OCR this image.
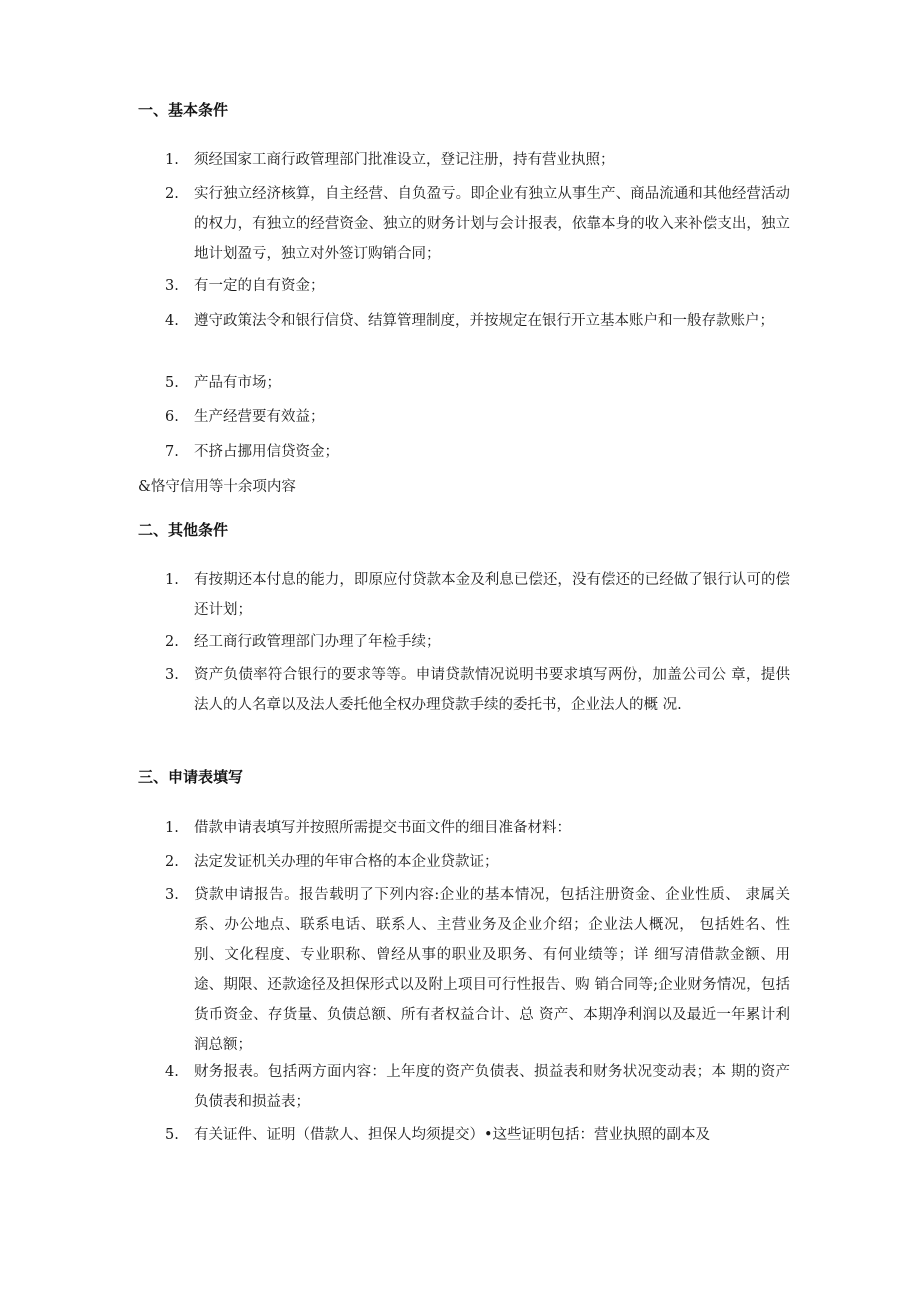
一、基本条件
1.	须经国家工商行政管理部门批准设立，登记注册，持有营业执照；
2.	实行独立经济核算，自主经营、自负盈亏。即企业有独立从事生产、商品流通和其他经营活动的权力，有独立的经营资金、独立的财务计划与会计报表，依靠本身的收入来补偿支出，独立地计划盈亏，独立对外签订购销合同；
3.	有一定的自有资金；
4.	遵守政策法令和银行信贷、结算管理制度，并按规定在银行开立基本账户和一般存款账户；
5.	产品有市场；
6.	生产经营要有效益；
7.	不挤占挪用信贷资金；
&恪守信用等十余项内容
二、其他条件
1.	有按期还本付息的能力，即原应付贷款本金及利息已偿还，没有偿还的已经做了银行认可的偿还计划；
2.	经工商行政管理部门办理了年检手续；
3.	资产负债率符合银行的要求等等。申请贷款情况说明书要求填写两份，加盖公司公 章，提供法人的人名章以及法人委托他全权办理贷款手续的委托书，企业法人的概 况.
三、申请表填写
1.	借款申请表填写并按照所需提交书面文件的细目准备材料：
2.	法定发证机关办理的年审合格的本企业贷款证；
3.	贷款申请报告。报告载明了下列内容:企业的基本情况，包括注册资金、企业性质、 隶属关系、办公地点、联系电话、联系人、主营业务及企业介绍；企业法人概况， 包括姓名、性别、文化程度、专业职称、曾经从事的职业及职务、有何业绩等；详 细写清借款金额、用途、期限、还款途径及担保形式以及附上项目可行性报告、购 销合同等;企业财务情况，包括货币资金、存货量、负债总额、所有者权益合计、总 资产、本期净利润以及最近一年累计利润总额；
4.	财务报表。包括两方面内容：上年度的资产负债表、损益表和财务状况变动表；本 期的资产负债表和损益表；
5.	有关证件、证明（借款人、担保人均须提交）•这些证明包括：营业执照的副本及
